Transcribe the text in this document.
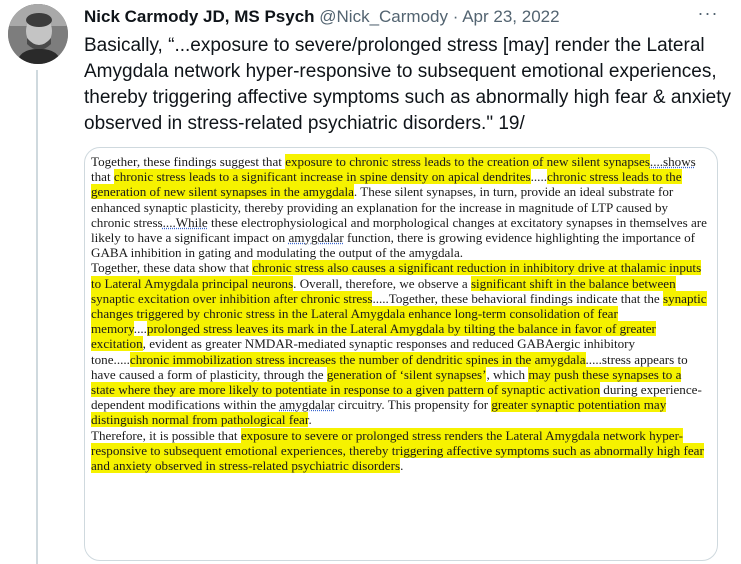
Nick Carmody JD, MS Psych @Nick_Carmody · Apr 23, 2022	···
Basically, “...exposure to severe/prolonged stress [may] render the Lateral Amygdala network hyper-responsive to subsequent emotional experiences, thereby triggering affective symptoms such as abnormally high fear & anxiety observed in stress-related psychiatric disorders." 19/
Together, these findings suggest that exposure to chronic stress leads to the creation of new silent synapses....shows that chronic stress leads to a significant increase in spine density on apical dendrites.....chronic stress leads to the generation of new silent synapses in the amygdala. These silent synapses, in turn, provide an ideal substrate for enhanced synaptic plasticity, thereby providing an explanation for the increase in magnitude of LTP caused by chronic stress....While these electrophysiological and morphological changes at excitatory synapses in themselves are likely to have a significant impact on amygdalar function, there is growing evidence highlighting the importance of GABA inhibition in gating and modulating the output of the amygdala.
Together, these data show that chronic stress also causes a significant reduction in inhibitory drive at thalamic inputs to Lateral Amygdala principal neurons. Overall, therefore, we observe a significant shift in the balance between synaptic excitation over inhibition after chronic stress.....Together, these behavioral findings indicate that the synaptic changes triggered by chronic stress in the Lateral Amygdala enhance long-term consolidation of fear memory....prolonged stress leaves its mark in the Lateral Amygdala by tilting the balance in favor of greater excitation, evident as greater NMDAR-mediated synaptic responses and reduced GABAergic inhibitory tone.....chronic immobilization stress increases the number of dendritic spines in the amygdala.....stress appears to have caused a form of plasticity, through the generation of ‘silent synapses’, which may push these synapses to a state where they are more likely to potentiate in response to a given pattern of synaptic activation during experience-dependent modifications within the amygdalar circuitry. This propensity for greater synaptic potentiation may distinguish normal from pathological fear.
Therefore, it is possible that exposure to severe or prolonged stress renders the Lateral Amygdala network hyper-responsive to subsequent emotional experiences, thereby triggering affective symptoms such as abnormally high fear and anxiety observed in stress-related psychiatric disorders.
